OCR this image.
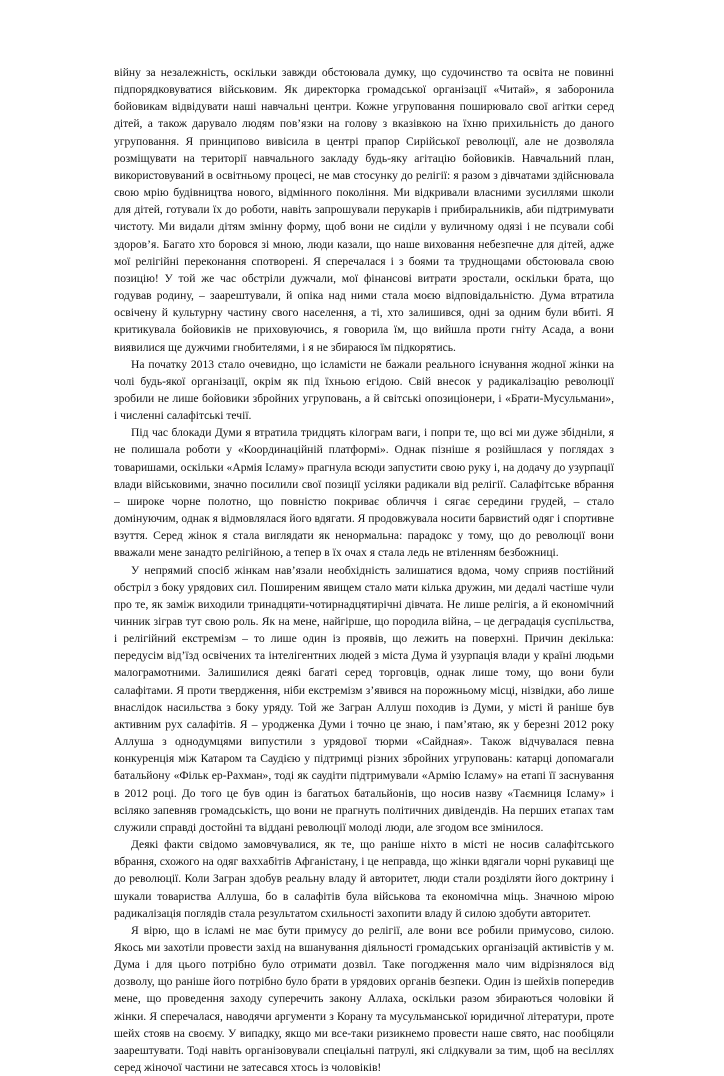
війну за незалежність, оскільки завжди обстоювала думку, що судочинство та освіта не повинні підпорядковуватися військовим. Як директорка громадської організації «Читай», я заборонила бойовикам відвідувати наші навчальні центри. Кожне угруповання поширювало свої агітки серед дітей, а також дарувало людям пов’язки на голову з вказівкою на їхню прихильність до даного угруповання. Я принципово вивісила в центрі прапор Сирійської революції, але не дозволяла розміщувати на території навчального закладу будь-яку агітацію бойовиків. Навчальний план, використовуваний в освітньому процесі, не мав стосунку до релігії: я разом з дівчатами здійснювала свою мрію будівництва нового, відмінного покоління. Ми відкривали власними зусиллями школи для дітей, готували їх до роботи, навіть запрошували перукарів і прибиральників, аби підтримувати чистоту. Ми видали дітям змінну форму, щоб вони не сиділи у вуличному одязі і не псували собі здоров’я. Багато хто боровся зі мною, люди казали, що наше виховання небезпечне для дітей, адже мої релігійні переконання спотворені. Я сперечалася і з боями та труднощами обстоювала свою позицію! У той же час обстріли дужчали, мої фінансові витрати зростали, оскільки брата, що годував родину, – заарештували, й опіка над ними стала моєю відповідальністю. Дума втратила освічену й культурну частину свого населення, а ті, хто залишився, одні за одним були вбиті. Я критикувала бойовиків не приховуючись, я говорила їм, що вийшла проти гніту Асада, а вони виявилися ще дужчими гнобителями, і я не збираюся їм підкорятись.

На початку 2013 стало очевидно, що ісламісти не бажали реального існування жодної жінки на чолі будь-якої організації, окрім як під їхньою егідою. Свій внесок у радикалізацію революції зробили не лише бойовики збройних угруповань, а й світські опозиціонери, і «Брати-Мусульмани», і численні салафітські течії.

Під час блокади Думи я втратила тридцять кілограм ваги, і попри те, що всі ми дуже збідніли, я не полишала роботи у «Координаційній платформі». Однак пізніше я розійшлася у поглядах з товаришами, оскільки «Армія Ісламу» прагнула всюди запустити свою руку і, на додачу до узурпації влади військовими, значно посилили свої позиції усіляки радикали від релігії. Салафітське вбрання – широке чорне полотно, що повністю покриває обличчя і сягає середини грудей, – стало домінуючим, однак я відмовлялася його вдягати. Я продовжувала носити барвистий одяг і спортивне взуття. Серед жінок я стала виглядати як ненормальна: парадокс у тому, що до революції вони вважали мене занадто релігійною, а тепер в їх очах я стала ледь не втіленням безбожниці.

У непрямий спосіб жінкам нав’язали необхідність залишатися вдома, чому сприяв постійний обстріл з боку урядових сил. Поширеним явищем стало мати кілька дружин, ми дедалі частіше чули про те, як заміж виходили тринадцяти-чотирнадцятирічні дівчата. Не лише релігія, а й економічний чинник зіграв тут свою роль. Як на мене, найгірше, що породила війна, – це деградація суспільства, і релігійний екстремізм – то лише один із проявів, що лежить на поверхні. Причин декілька: передусім від’їзд освічених та інтелігентних людей з міста Дума й узурпація влади у країні людьми малограмотними. Залишилися деякі багаті серед торговців, однак лише тому, що вони були салафітами. Я проти твердження, ніби екстремізм з’явився на порожньому місці, нізвідки, або лише внаслідок насильства з боку уряду. Той же Загран Аллуш походив із Думи, у місті й раніше був активним рух салафітів. Я – уродженка Думи і точно це знаю, і пам’ятаю, як у березні 2012 року Аллуша з однодумцями випустили з урядової тюрми «Сайдная». Також відчувалася певна конкуренція між Катаром та Саудією у підтримці різних збройних угруповань: катарці допомагали батальйону «Фільк ер-Рахман», тоді як саудіти підтримували «Армію Ісламу» на етапі її заснування в 2012 році. До того це був один із багатьох батальйонів, що носив назву «Таємниця Ісламу» і всіляко запевняв громадськість, що вони не прагнуть політичних дивідендів. На перших етапах там служили справді достойні та віддані революції молоді люди, але згодом все змінилося.

Деякі факти свідомо замовчувалися, як те, що раніше ніхто в місті не носив салафітського вбрання, схожого на одяг ваххабітів Афганістану, і це неправда, що жінки вдягали чорні рукавиці ще до революції. Коли Загран здобув реальну владу й авторитет, люди стали розділяти його доктрину і шукали товариства Аллуша, бо в салафітів була військова та економічна міць. Значною мірою радикалізація поглядів стала результатом схильності захопити владу й силою здобути авторитет.

Я вірю, що в ісламі не має бути примусу до релігії, але вони все робили примусово, силою. Якось ми захотіли провести захід на вшанування діяльності громадських організацій активістів у м. Дума і для цього потрібно було отримати дозвіл. Таке погодження мало чим відрізнялося від дозволу, що раніше його потрібно було брати в урядових органів безпеки. Один із шейхів попередив мене, що проведення заходу суперечить закону Аллаха, оскільки разом збираються чоловіки й жінки. Я сперечалася, наводячи аргументи з Корану та мусульманської юридичної літератури, проте шейх стояв на своєму. У випадку, якщо ми все-таки ризикнемо провести наше свято, нас пообіцяли заарештувати. Тоді навіть організовували спеціальні патрулі, які слідкували за тим, щоб на весіллях серед жіночої частини не затесався хтось із чоловіків!
